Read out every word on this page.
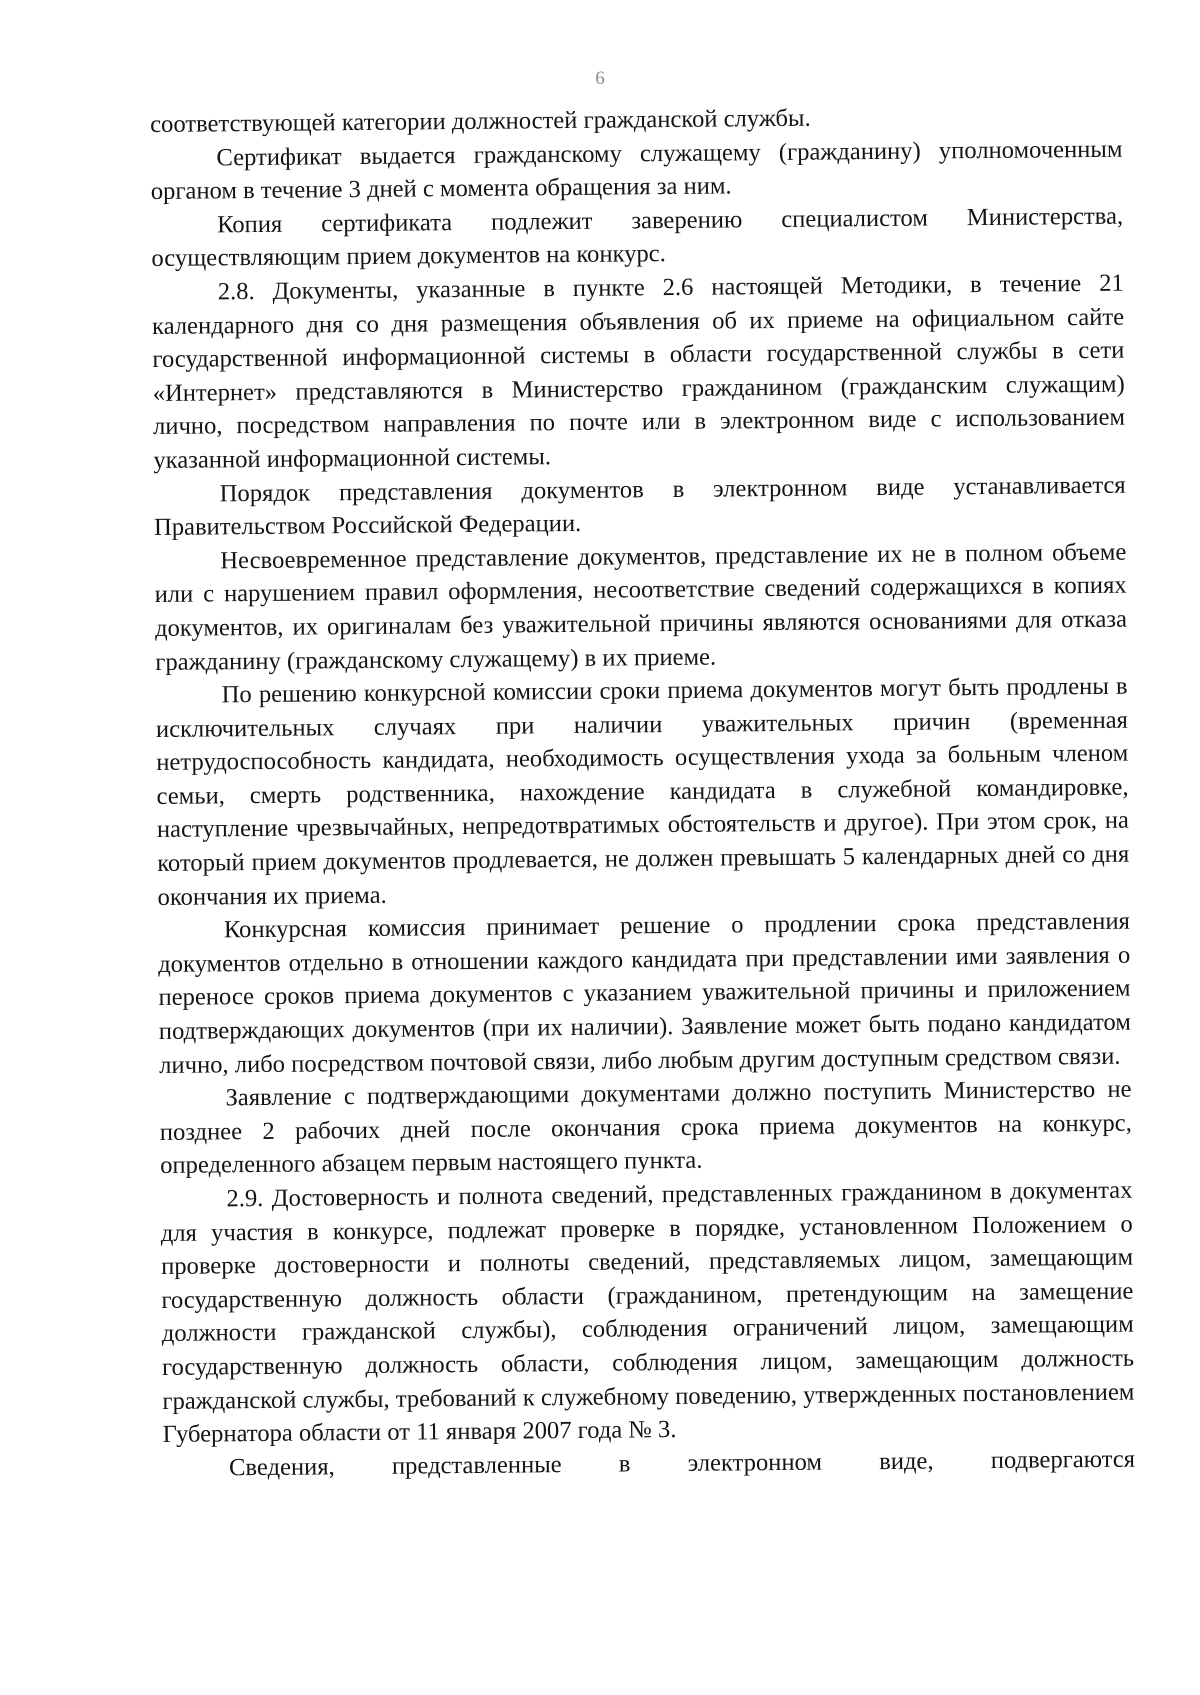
6

соответствующей категории должностей гражданской службы.

Сертификат выдается гражданскому служащему (гражданину) уполномоченным органом в течение 3 дней с момента обращения за ним.

Копия сертификата подлежит заверению специалистом Министерства, осуществляющим прием документов на конкурс.

2.8. Документы, указанные в пункте 2.6 настоящей Методики, в течение 21 календарного дня со дня размещения объявления об их приеме на официальном сайте государственной информационной системы в области государственной службы в сети «Интернет» представляются в Министерство гражданином (гражданским служащим) лично, посредством направления по почте или в электронном виде с использованием указанной информационной системы.

Порядок представления документов в электронном виде устанавливается Правительством Российской Федерации.

Несвоевременное представление документов, представление их не в полном объеме или с нарушением правил оформления, несоответствие сведений содержащихся в копиях документов, их оригиналам без уважительной причины являются основаниями для отказа гражданину (гражданскому служащему) в их приеме.

По решению конкурсной комиссии сроки приема документов могут быть продлены в исключительных случаях при наличии уважительных причин (временная нетрудоспособность кандидата, необходимость осуществления ухода за больным членом семьи, смерть родственника, нахождение кандидата в служебной командировке, наступление чрезвычайных, непредотвратимых обстоятельств и другое). При этом срок, на который прием документов продлевается, не должен превышать 5 календарных дней со дня окончания их приема.

Конкурсная комиссия принимает решение о продлении срока представления документов отдельно в отношении каждого кандидата при представлении ими заявления о переносе сроков приема документов с указанием уважительной причины и приложением подтверждающих документов (при их наличии). Заявление может быть подано кандидатом лично, либо посредством почтовой связи, либо любым другим доступным средством связи.

Заявление с подтверждающими документами должно поступить Министерство не позднее 2 рабочих дней после окончания срока приема документов на конкурс, определенного абзацем первым настоящего пункта.

2.9. Достоверность и полнота сведений, представленных гражданином в документах для участия в конкурсе, подлежат проверке в порядке, установленном Положением о проверке достоверности и полноты сведений, представляемых лицом, замещающим государственную должность области (гражданином, претендующим на замещение должности гражданской службы), соблюдения ограничений лицом, замещающим государственную должность области, соблюдения лицом, замещающим должность гражданской службы, требований к служебному поведению, утвержденных постановлением Губернатора области от 11 января 2007 года № 3.

Сведения, представленные в электронном виде, подвергаются
